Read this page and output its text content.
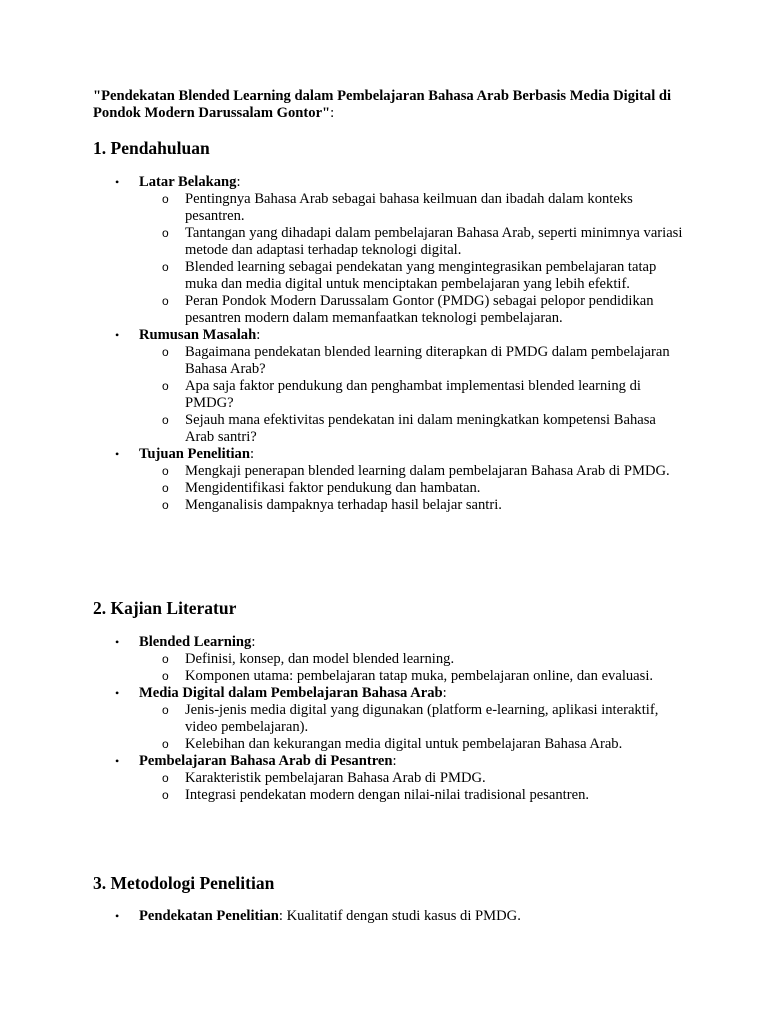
"Pendekatan Blended Learning dalam Pembelajaran Bahasa Arab Berbasis Media Digital di Pondok Modern Darussalam Gontor":

1. Pendahuluan
• Latar Belakang:
o Pentingnya Bahasa Arab sebagai bahasa keilmuan dan ibadah dalam konteks pesantren.
o Tantangan yang dihadapi dalam pembelajaran Bahasa Arab, seperti minimnya variasi metode dan adaptasi terhadap teknologi digital.
o Blended learning sebagai pendekatan yang mengintegrasikan pembelajaran tatap muka dan media digital untuk menciptakan pembelajaran yang lebih efektif.
o Peran Pondok Modern Darussalam Gontor (PMDG) sebagai pelopor pendidikan pesantren modern dalam memanfaatkan teknologi pembelajaran.
• Rumusan Masalah:
o Bagaimana pendekatan blended learning diterapkan di PMDG dalam pembelajaran Bahasa Arab?
o Apa saja faktor pendukung dan penghambat implementasi blended learning di PMDG?
o Sejauh mana efektivitas pendekatan ini dalam meningkatkan kompetensi Bahasa Arab santri?
• Tujuan Penelitian:
o Mengkaji penerapan blended learning dalam pembelajaran Bahasa Arab di PMDG.
o Mengidentifikasi faktor pendukung dan hambatan.
o Menganalisis dampaknya terhadap hasil belajar santri.
2. Kajian Literatur
• Blended Learning:
o Definisi, konsep, dan model blended learning.
o Komponen utama: pembelajaran tatap muka, pembelajaran online, dan evaluasi.
• Media Digital dalam Pembelajaran Bahasa Arab:
o Jenis-jenis media digital yang digunakan (platform e-learning, aplikasi interaktif, video pembelajaran).
o Kelebihan dan kekurangan media digital untuk pembelajaran Bahasa Arab.
• Pembelajaran Bahasa Arab di Pesantren:
o Karakteristik pembelajaran Bahasa Arab di PMDG.
o Integrasi pendekatan modern dengan nilai-nilai tradisional pesantren.
3. Metodologi Penelitian
• Pendekatan Penelitian: Kualitatif dengan studi kasus di PMDG.
